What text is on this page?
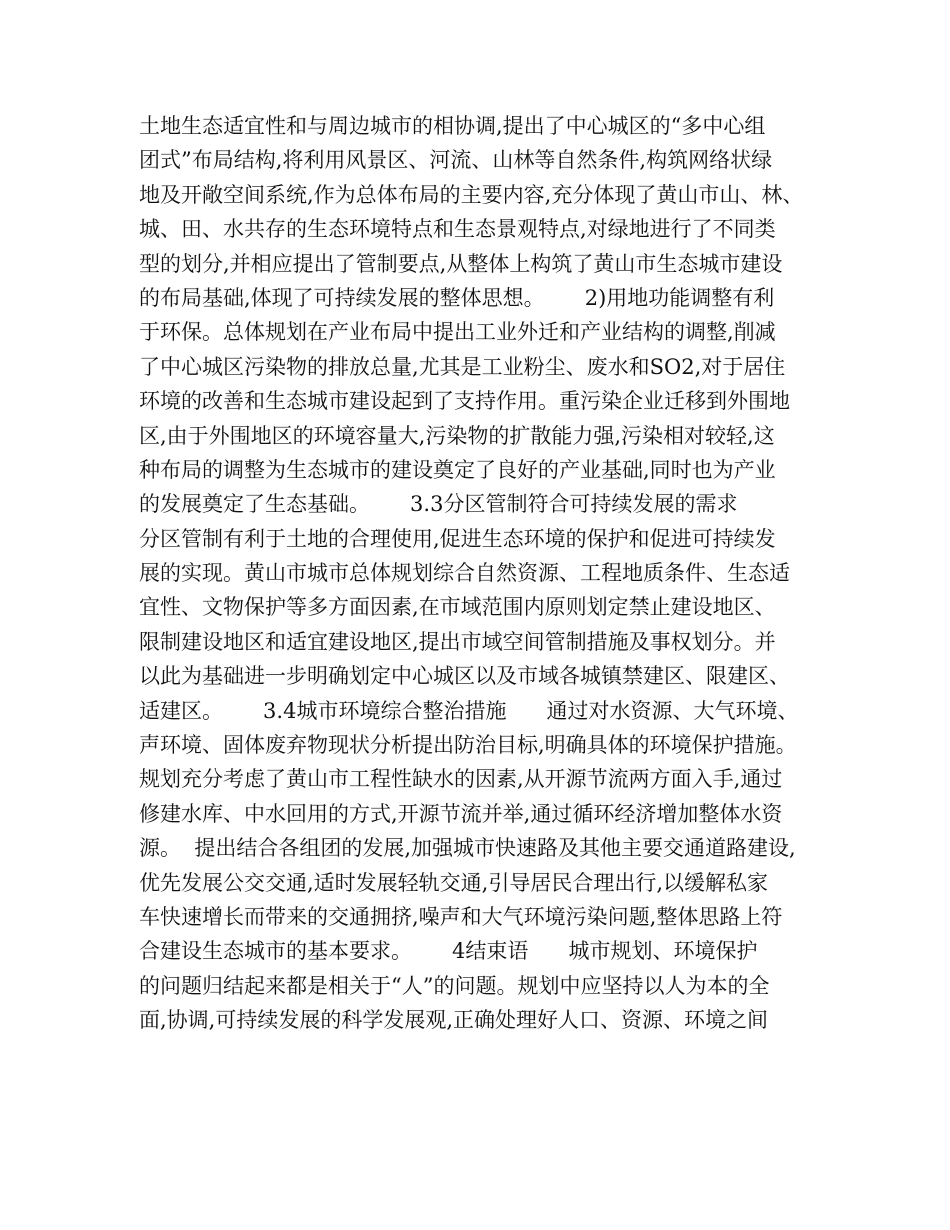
土地生态适宜性和与周边城市的相协调,提出了中心城区的“多中心组
团式”布局结构,将利用风景区、河流、山林等自然条件,构筑网络状绿
地及开敞空间系统,作为总体布局的主要内容,充分体现了黄山市山、林、
城、田、水共存的生态环境特点和生态景观特点,对绿地进行了不同类
型的划分,并相应提出了管制要点,从整体上构筑了黄山市生态城市建设
的布局基础,体现了可持续发展的整体思想。      2)用地功能调整有利
于环保。总体规划在产业布局中提出工业外迁和产业结构的调整,削减
了中心城区污染物的排放总量,尤其是工业粉尘、废水和SO2,对于居住
环境的改善和生态城市建设起到了支持作用。重污染企业迁移到外围地
区,由于外围地区的环境容量大,污染物的扩散能力强,污染相对较轻,这
种布局的调整为生态城市的建设奠定了良好的产业基础,同时也为产业
的发展奠定了生态基础。      3.3分区管制符合可持续发展的需求
分区管制有利于土地的合理使用,促进生态环境的保护和促进可持续发
展的实现。黄山市城市总体规划综合自然资源、工程地质条件、生态适
宜性、文物保护等多方面因素,在市域范围内原则划定禁止建设地区、
限制建设地区和适宜建设地区,提出市域空间管制措施及事权划分。并
以此为基础进一步明确划定中心城区以及市域各城镇禁建区、限建区、
适建区。      3.4城市环境综合整治措施      通过对水资源、大气环境、
声环境、固体废弃物现状分析提出防治目标,明确具体的环境保护措施。
规划充分考虑了黄山市工程性缺水的因素,从开源节流两方面入手,通过
修建水库、中水回用的方式,开源节流并举,通过循环经济增加整体水资
源。  提出结合各组团的发展,加强城市快速路及其他主要交通道路建设,
优先发展公交交通,适时发展轻轨交通,引导居民合理出行,以缓解私家
车快速增长而带来的交通拥挤,噪声和大气环境污染问题,整体思路上符
合建设生态城市的基本要求。      4结束语      城市规划、环境保护
的问题归结起来都是相关于“人”的问题。规划中应坚持以人为本的全
面,协调,可持续发展的科学发展观,正确处理好人口、资源、环境之间
